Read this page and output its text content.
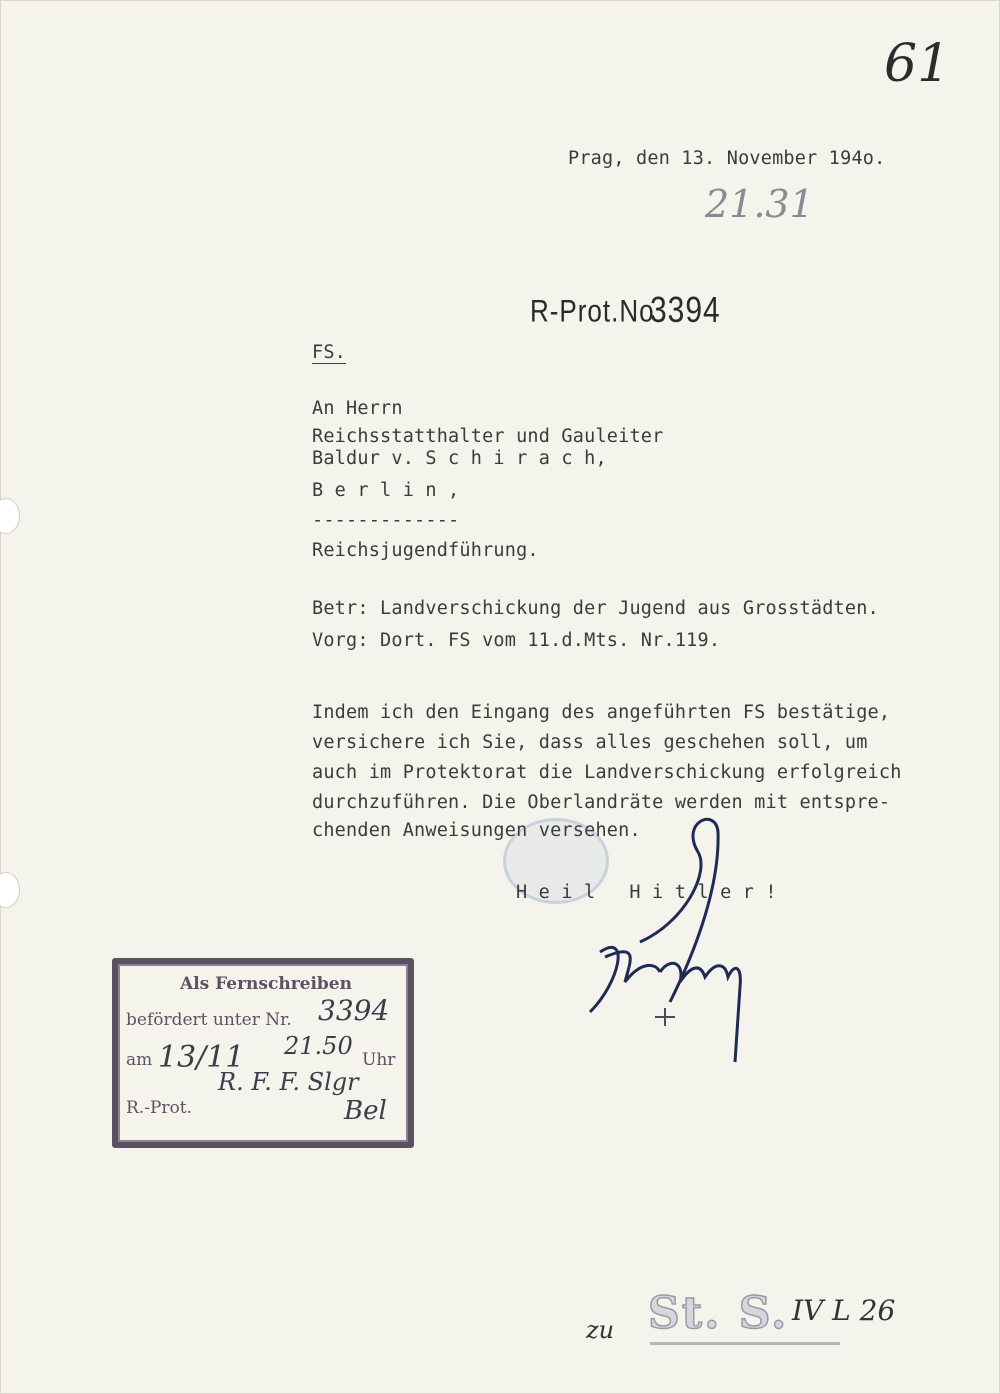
61
Prag, den 13. November 194o.
21.31
R-Prot.No
3394
FS.
An Herrn
Reichsstatthalter und Gauleiter
Baldur v. S c h i r a c h,
B e r l i n ,
-------------
Reichsjugendführung.
Betr: Landverschickung der Jugend aus Grosstädten.
Vorg: Dort. FS vom 11.d.Mts. Nr.119.
Indem ich den Eingang des angeführten FS bestätige,
versichere ich Sie, dass alles geschehen soll, um
auch im Protektorat die Landverschickung erfolgreich
durchzuführen. Die Oberlandräte werden mit entspre-
chenden Anweisungen versehen.
H e i l   H i t l e r !
Als Fernschreiben
befördert unter Nr.
am	Uhr
R.-Prot.
3394
13/11 21.50
R. F. F. Slgr
Bel
zu St. S. IV L 26
